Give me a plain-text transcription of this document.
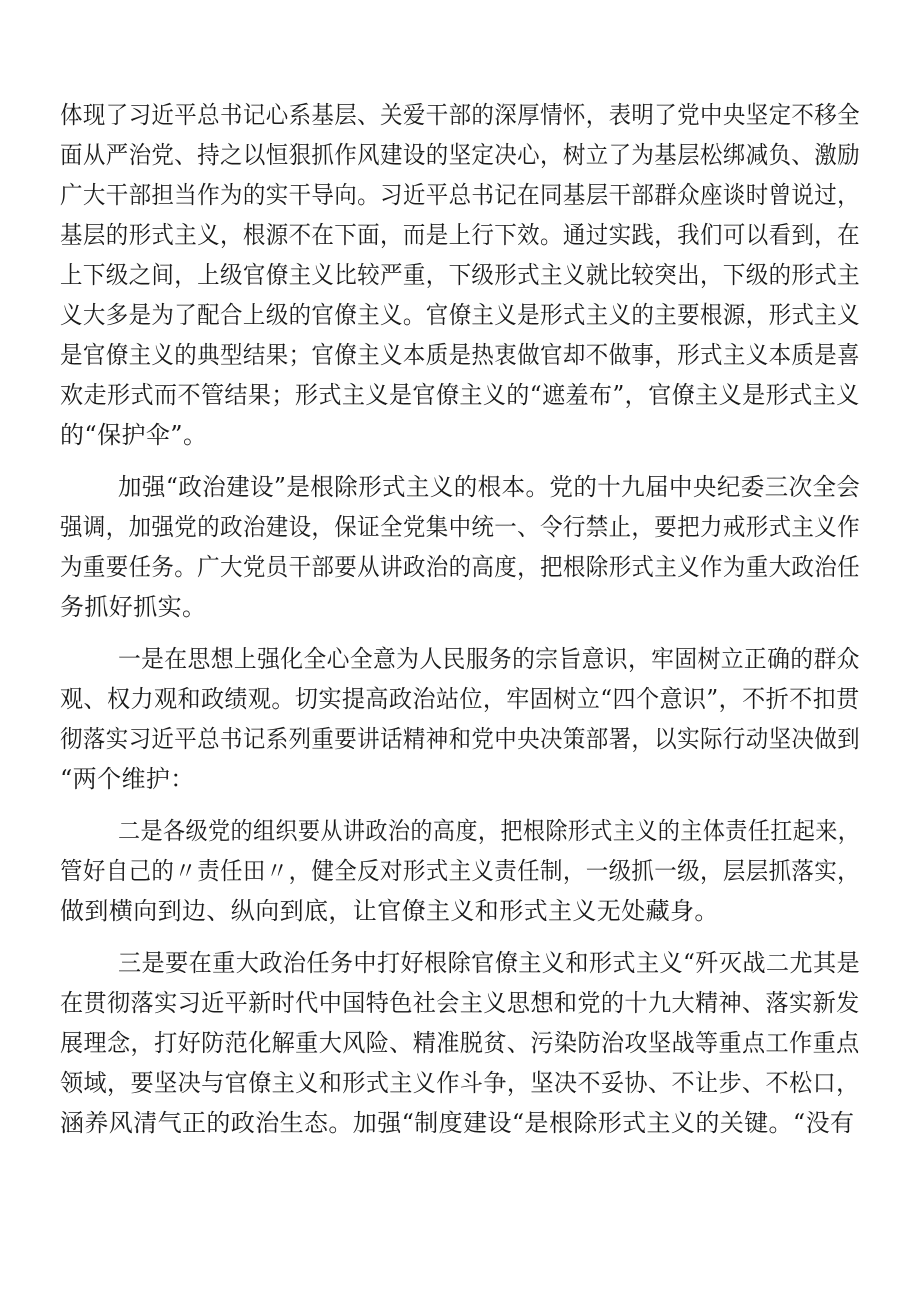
体现了习近平总书记心系基层、关爱干部的深厚情怀，表明了党中央坚定不移全
面从严治党、持之以恒狠抓作风建设的坚定决心，树立了为基层松绑减负、激励
广大干部担当作为的实干导向。习近平总书记在同基层干部群众座谈时曾说过，
基层的形式主义，根源不在下面，而是上行下效。通过实践，我们可以看到，在
上下级之间，上级官僚主义比较严重，下级形式主义就比较突出，下级的形式主
义大多是为了配合上级的官僚主义。官僚主义是形式主义的主要根源，形式主义
是官僚主义的典型结果；官僚主义本质是热衷做官却不做事，形式主义本质是喜
欢走形式而不管结果；形式主义是官僚主义的“遮羞布”，官僚主义是形式主义
的“保护伞”。
加强“政治建设”是根除形式主义的根本。党的十九届中央纪委三次全会
强调，加强党的政治建设，保证全党集中统一、令行禁止，要把力戒形式主义作
为重要任务。广大党员干部要从讲政治的高度，把根除形式主义作为重大政治任
务抓好抓实。
一是在思想上强化全心全意为人民服务的宗旨意识，牢固树立正确的群众
观、权力观和政绩观。切实提高政治站位，牢固树立“四个意识”，不折不扣贯
彻落实习近平总书记系列重要讲话精神和党中央决策部署，以实际行动坚决做到
“两个维护：
二是各级党的组织要从讲政治的高度，把根除形式主义的主体责任扛起来，
管好自己的〃责任田〃，健全反对形式主义责任制，一级抓一级，层层抓落实，
做到横向到边、纵向到底，让官僚主义和形式主义无处藏身。
三是要在重大政治任务中打好根除官僚主义和形式主义“歼灭战二尤其是
在贯彻落实习近平新时代中国特色社会主义思想和党的十九大精神、落实新发
展理念，打好防范化解重大风险、精准脱贫、污染防治攻坚战等重点工作重点
领域，要坚决与官僚主义和形式主义作斗争，坚决不妥协、不让步、不松口，
涵养风清气正的政治生态。加强“制度建设“是根除形式主义的关键。“没有
